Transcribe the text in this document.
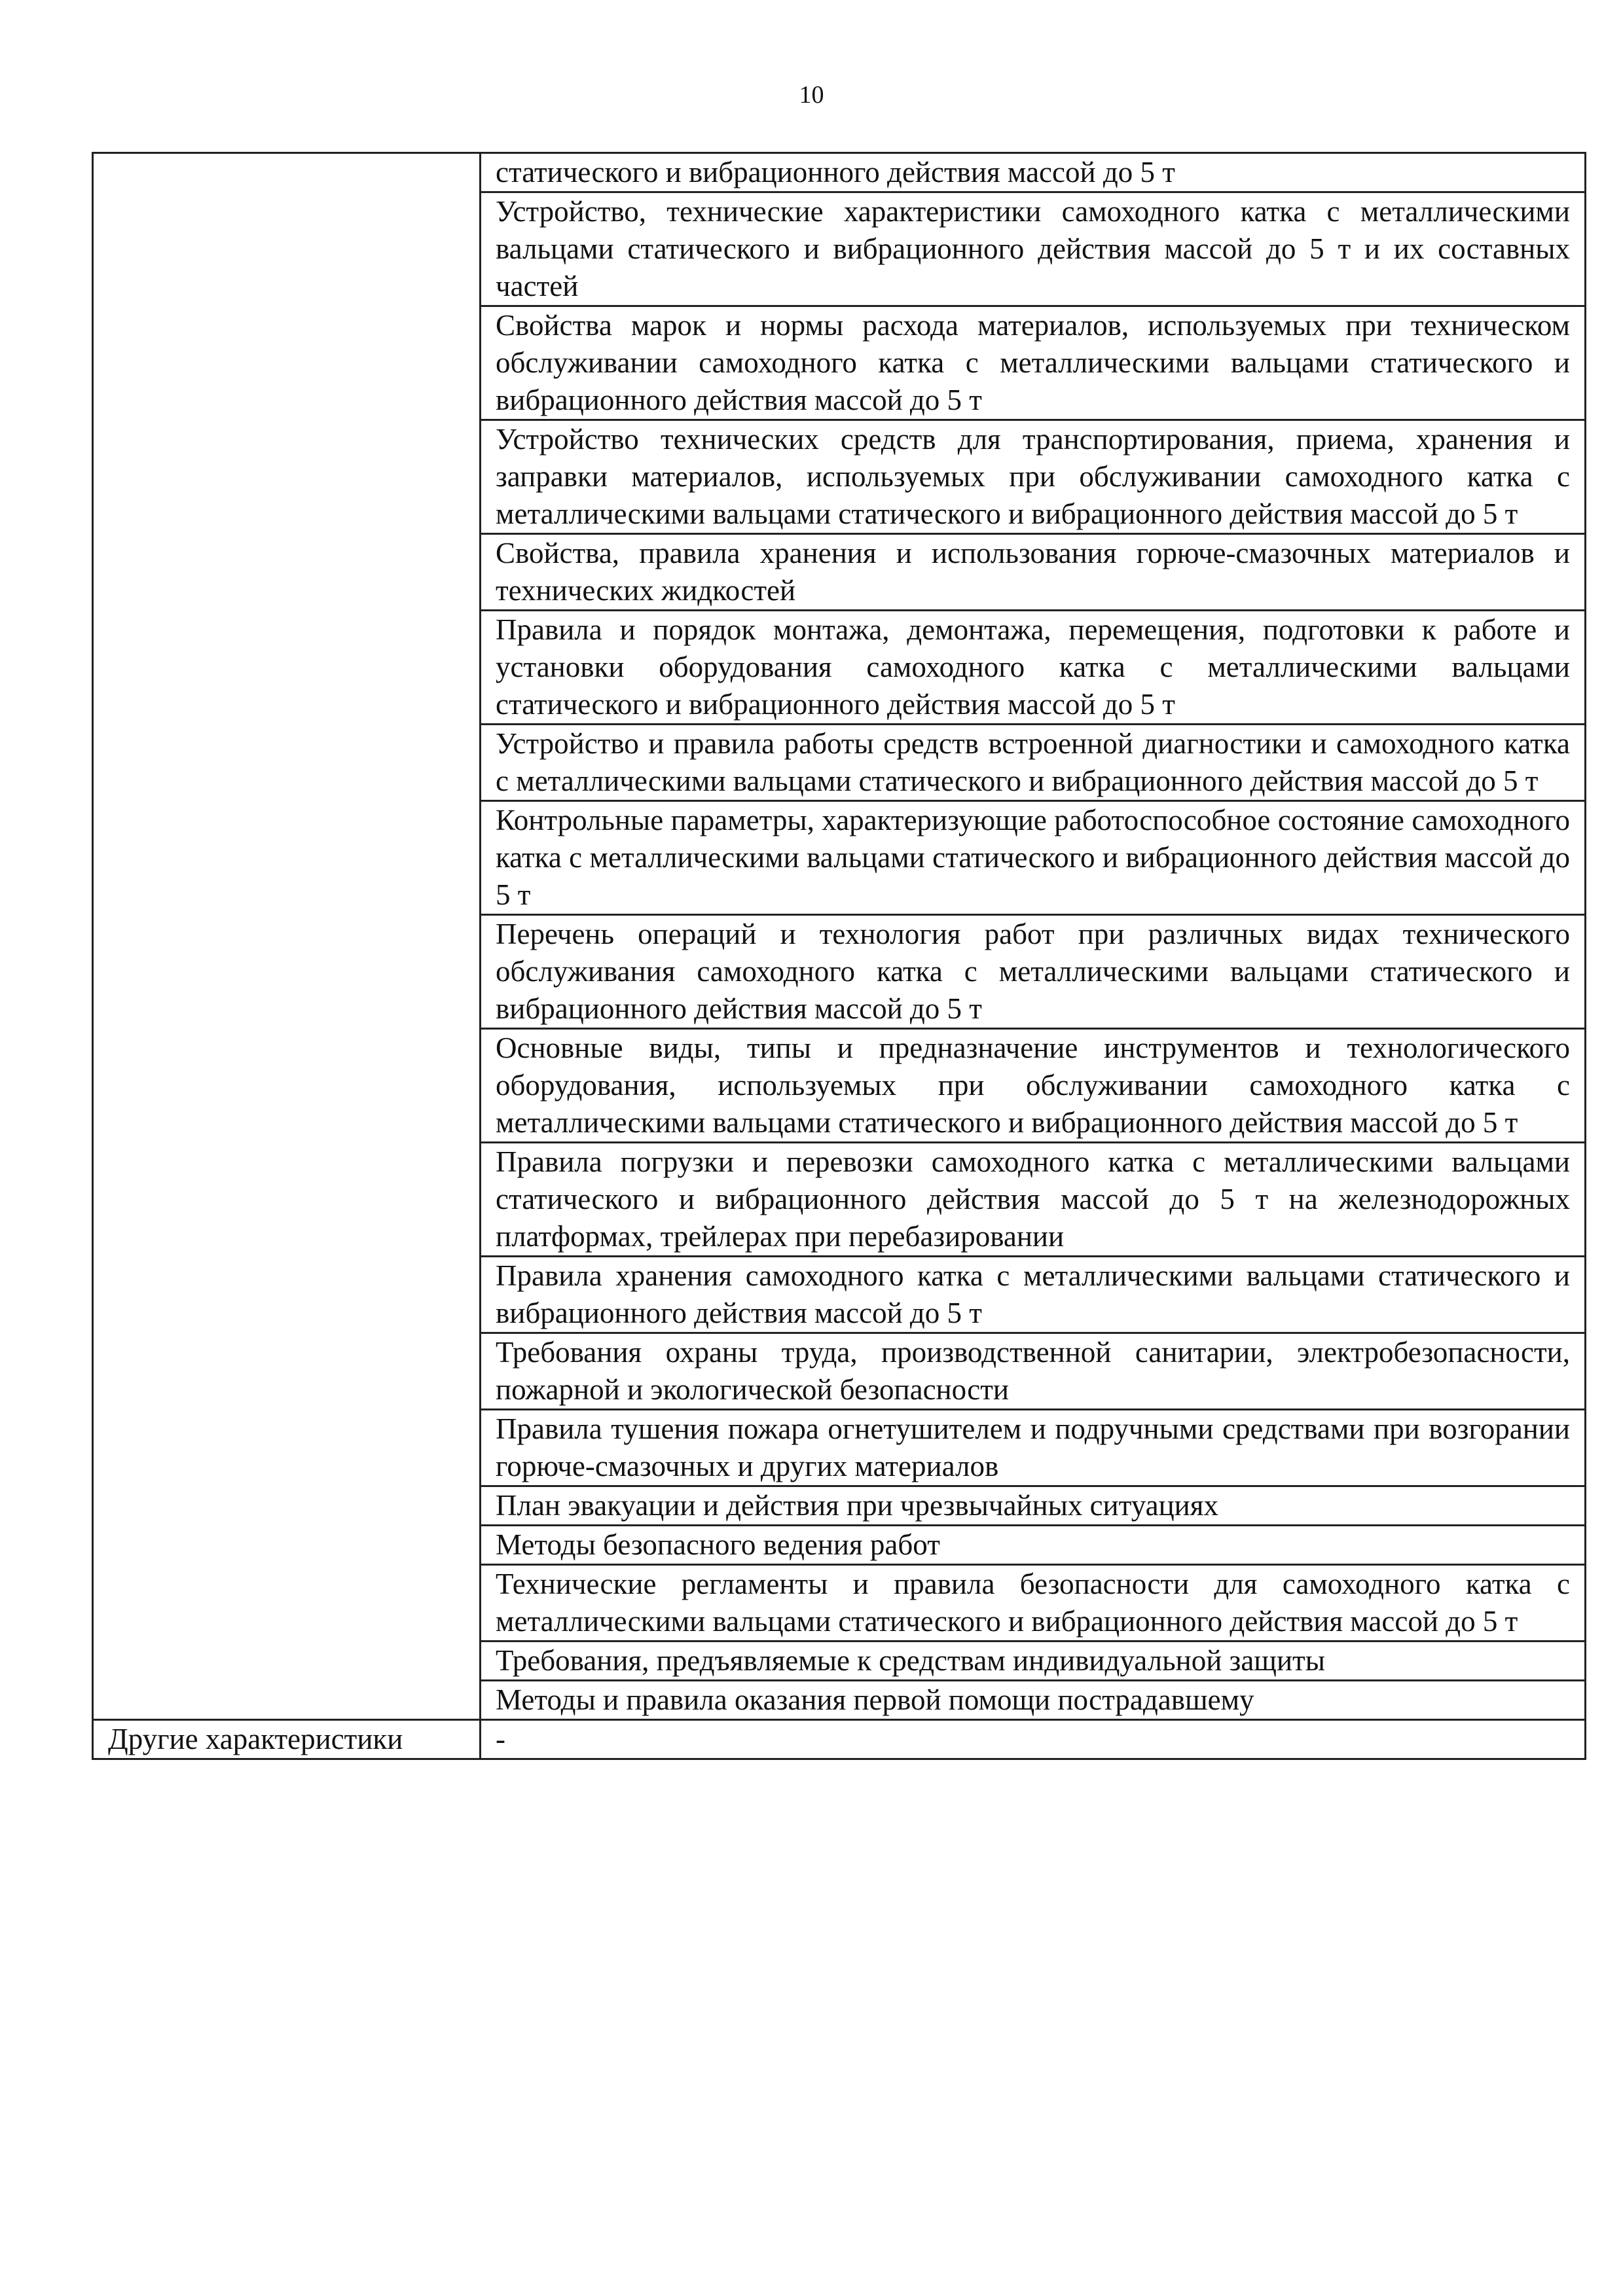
10
	статического и вибрационного действия массой до 5 т
	Устройство, технические характеристики самоходного катка с металлическими вальцами статического и вибрационного действия массой до 5 т и их составных частей
	Свойства марок и нормы расхода материалов, используемых при техническом обслуживании самоходного катка с металлическими вальцами статического и вибрационного действия массой до 5 т
	Устройство технических средств для транспортирования, приема, хранения и заправки материалов, используемых при обслуживании самоходного катка с металлическими вальцами статического и вибрационного действия массой до 5 т
	Свойства, правила хранения и использования горюче-смазочных материалов и технических жидкостей
	Правила и порядок монтажа, демонтажа, перемещения, подготовки к работе и установки оборудования самоходного катка с металлическими вальцами статического и вибрационного действия массой до 5 т
	Устройство и правила работы средств встроенной диагностики и самоходного катка с металлическими вальцами статического и вибрационного действия массой до 5 т
	Контрольные параметры, характеризующие работоспособное состояние самоходного катка с металлическими вальцами статического и вибрационного действия массой до 5 т
	Перечень операций и технология работ при различных видах технического обслуживания самоходного катка с металлическими вальцами статического и вибрационного действия массой до 5 т
	Основные виды, типы и предназначение инструментов и технологического оборудования, используемых при обслуживании самоходного катка с металлическими вальцами статического и вибрационного действия массой до 5 т
	Правила погрузки и перевозки самоходного катка с металлическими вальцами статического и вибрационного действия массой до 5 т на железнодорожных платформах, трейлерах при перебазировании
	Правила хранения самоходного катка с металлическими вальцами статического и вибрационного действия массой до 5 т
	Требования охраны труда, производственной санитарии, электробезопасности, пожарной и экологической безопасности
	Правила тушения пожара огнетушителем и подручными средствами при возгорании горюче-смазочных и других материалов
	План эвакуации и действия при чрезвычайных ситуациях
	Методы безопасного ведения работ
	Технические регламенты и правила безопасности для самоходного катка с металлическими вальцами статического и вибрационного действия массой до 5 т
	Требования, предъявляемые к средствам индивидуальной защиты
	Методы и правила оказания первой помощи пострадавшему
Другие характеристики	-
